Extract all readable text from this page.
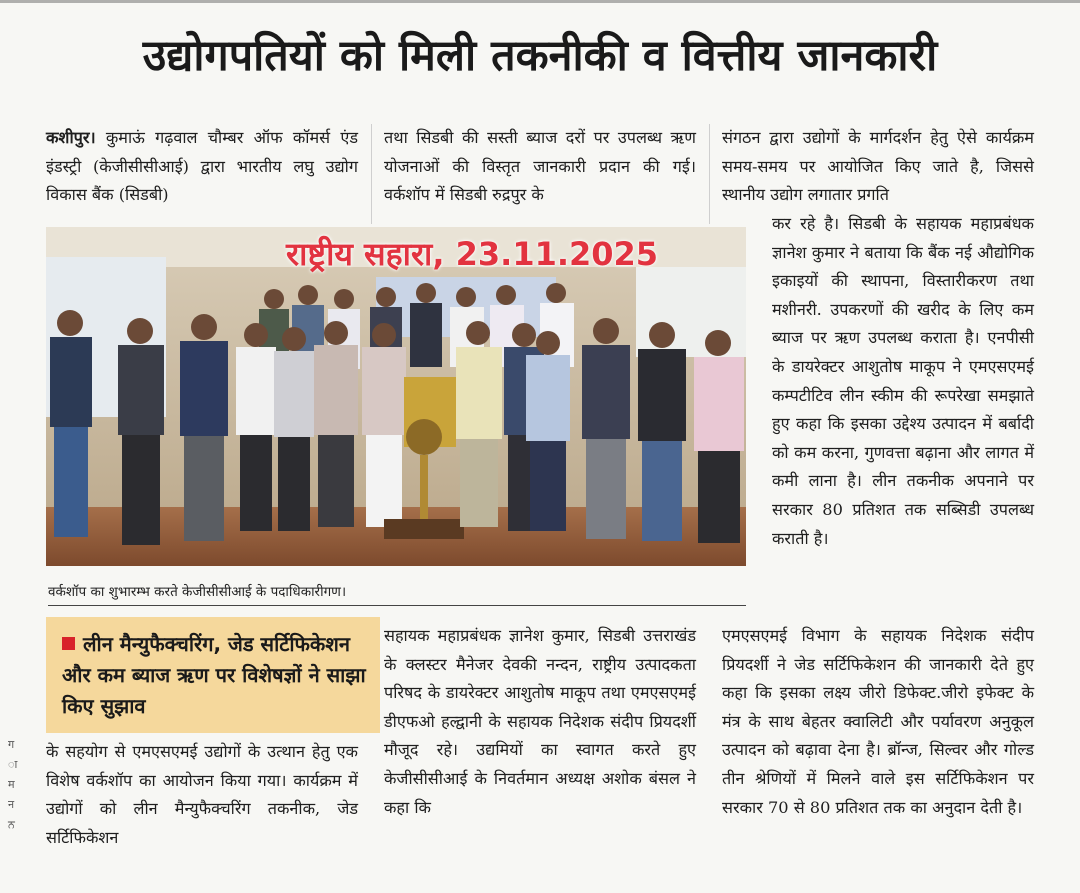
उद्योगपतियों को मिली तकनीकी व वित्तीय जानकारी

कशीपुर। कुमाऊं गढ़वाल चौम्बर ऑफ कॉमर्स एंड इंडस्ट्री (केजीसीसीआई) द्वारा भारतीय लघु उद्योग विकास बैंक (सिडबी)

तथा सिडबी की सस्ती ब्याज दरों पर उपलब्ध ऋण योजनाओं की विस्तृत जानकारी प्रदान की गई। वर्कशॉप में सिडबी रुद्रपुर के

संगठन द्वारा उद्योगों के मार्गदर्शन हेतु ऐसे कार्यक्रम समय-समय पर आयोजित किए जाते है, जिससे स्थानीय उद्योग लगातार प्रगति

कर रहे है। सिडबी के सहायक महाप्रबंधक ज्ञानेश कुमार ने बताया कि बैंक नई औद्योगिक इकाइयों की स्थापना, विस्तारीकरण तथा मशीनरी. उपकरणों की खरीद के लिए कम ब्याज पर ऋण उपलब्ध कराता है। एनपीसी के डायरेक्टर आशुतोष माकूप ने एमएसएमई कम्पटीटिव लीन स्कीम की रूपरेखा समझाते हुए कहा कि इसका उद्देश्य उत्पादन में बर्बादी को कम करना, गुणवत्ता बढ़ाना और लागत में कमी लाना है। लीन तकनीक अपनाने पर सरकार 80 प्रतिशत तक सब्सिडी उपलब्ध कराती है।

राष्ट्रीय सहारा, 23.11.2025
वर्कशॉप का शुभारम्भ करते केजीसीसीआई के पदाधिकारीगण।
लीन मैन्युफैक्चरिंग, जेड सर्टिफिकेशन और कम ब्याज ऋण पर विशेषज्ञों ने साझा किए सुझाव

के सहयोग से एमएसएमई उद्योगों के उत्थान हेतु एक विशेष वर्कशॉप का आयोजन किया गया। कार्यक्रम में उद्योगों को लीन मैन्युफैक्चरिंग तकनीक, जेड सर्टिफिकेशन

सहायक महाप्रबंधक ज्ञानेश कुमार, सिडबी उत्तराखंड के क्लस्टर मैनेजर देवकी नन्दन, राष्ट्रीय उत्पादकता परिषद के डायरेक्टर आशुतोष माकूप तथा एमएसएमई डीएफओ हल्द्वानी के सहायक निदेशक संदीप प्रियदर्शी मौजूद रहे। उद्यमियों का स्वागत करते हुए केजीसीसीआई के निवर्तमान अध्यक्ष अशोक बंसल ने कहा कि

एमएसएमई विभाग के सहायक निदेशक संदीप प्रियदर्शी ने जेड सर्टिफिकेशन की जानकारी देते हुए कहा कि इसका लक्ष्य जीरो डिफेक्ट.जीरो इफेक्ट के मंत्र के साथ बेहतर क्वालिटी और पर्यावरण अनुकूल उत्पादन को बढ़ावा देना है। ब्रॉन्ज, सिल्वर और गोल्ड तीन श्रेणियों में मिलने वाले इस सर्टिफिकेशन पर सरकार 70 से 80 प्रतिशत तक का अनुदान देती है।

ग
ा
म
न
ਨ
